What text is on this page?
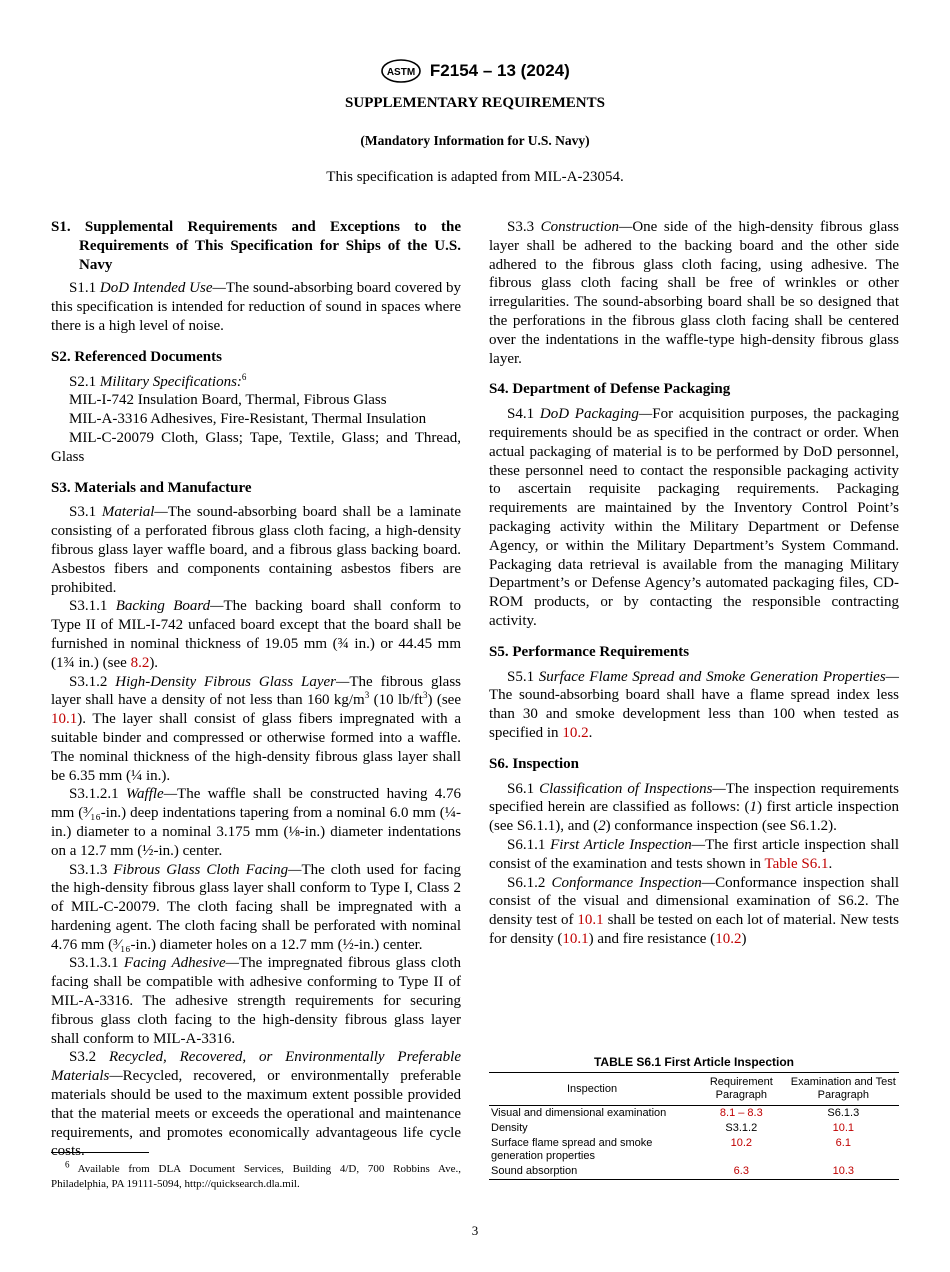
ASTM F2154 – 13 (2024)
SUPPLEMENTARY REQUIREMENTS
(Mandatory Information for U.S. Navy)
This specification is adapted from MIL-A-23054.
S1. Supplemental Requirements and Exceptions to the Requirements of This Specification for Ships of the U.S. Navy

S1.1 DoD Intended Use—The sound-absorbing board covered by this specification is intended for reduction of sound in spaces where there is a high level of noise.

S2. Referenced Documents

S2.1 Military Specifications:$^6$

MIL-I-742 Insulation Board, Thermal, Fibrous Glass

MIL-A-3316 Adhesives, Fire-Resistant, Thermal Insulation

MIL-C-20079 Cloth, Glass; Tape, Textile, Glass; and Thread, Glass

S3. Materials and Manufacture

S3.1 Material—The sound-absorbing board shall be a laminate consisting of a perforated fibrous glass cloth facing, a high-density fibrous glass layer waffle board, and a fibrous glass backing board. Asbestos fibers and components containing asbestos fibers are prohibited.

S3.1.1 Backing Board—The backing board shall conform to Type II of MIL-I-742 unfaced board except that the board shall be furnished in nominal thickness of 19.05 mm (¾ in.) or 44.45 mm (1¾ in.) (see 8.2).

S3.1.2 High-Density Fibrous Glass Layer—The fibrous glass layer shall have a density of not less than 160 $kg/m^3$ (10 $lb/ft^3$) (see 10.1). The layer shall consist of glass fibers impregnated with a suitable binder and compressed or otherwise formed into a waffle. The nominal thickness of the high-density fibrous glass layer shall be 6.35 mm (¼ in.).

S3.1.2.1 Waffle—The waffle shall be constructed having 4.76 mm (³⁄₁₆-in.) deep indentations tapering from a nominal 6.0 mm (¼-in.) diameter to a nominal 3.175 mm (⅛-in.) diameter indentations on a 12.7 mm (½-in.) center.

S3.1.3 Fibrous Glass Cloth Facing—The cloth used for facing the high-density fibrous glass layer shall conform to Type I, Class 2 of MIL-C-20079. The cloth facing shall be impregnated with a hardening agent. The cloth facing shall be perforated with nominal 4.76 mm (³⁄₁₆-in.) diameter holes on a 12.7 mm (½-in.) center.

S3.1.3.1 Facing Adhesive—The impregnated fibrous glass cloth facing shall be compatible with adhesive conforming to Type II of MIL-A-3316. The adhesive strength requirements for securing fibrous glass cloth facing to the high-density fibrous glass layer shall conform to MIL-A-3316.

S3.2 Recycled, Recovered, or Environmentally Preferable Materials—Recycled, recovered, or environmentally preferable materials should be used to the maximum extent possible provided that the material meets or exceeds the operational and maintenance requirements, and promotes economically advantageous life cycle costs.

S3.3 Construction—One side of the high-density fibrous glass layer shall be adhered to the backing board and the other side adhered to the fibrous glass cloth facing, using adhesive. The fibrous glass cloth facing shall be free of wrinkles or other irregularities. The sound-absorbing board shall be so designed that the perforations in the fibrous glass cloth facing shall be centered over the indentations in the waffle-type high-density fibrous glass layer.

S4. Department of Defense Packaging

S4.1 DoD Packaging—For acquisition purposes, the packaging requirements should be as specified in the contract or order. When actual packaging of material is to be performed by DoD personnel, these personnel need to contact the responsible packaging activity to ascertain requisite packaging requirements. Packaging requirements are maintained by the Inventory Control Point’s packaging activity within the Military Department or Defense Agency, or within the Military Department’s System Command. Packaging data retrieval is available from the managing Military Department’s or Defense Agency’s automated packaging files, CD-ROM products, or by contacting the responsible contracting activity.

S5. Performance Requirements

S5.1 Surface Flame Spread and Smoke Generation Properties—The sound-absorbing board shall have a flame spread index less than 30 and smoke development less than 100 when tested as specified in 10.2.

S6. Inspection

S6.1 Classification of Inspections—The inspection requirements specified herein are classified as follows: (1) first article inspection (see S6.1.1), and (2) conformance inspection (see S6.1.2).

S6.1.1 First Article Inspection—The first article inspection shall consist of the examination and tests shown in Table S6.1.

S6.1.2 Conformance Inspection—Conformance inspection shall consist of the visual and dimensional examination of S6.2. The density test of 10.1 shall be tested on each lot of material. New tests for density (10.1) and fire resistance (10.2)

TABLE S6.1 First Article Inspection
Inspection	Requirement Paragraph	Examination and Test Paragraph
Visual and dimensional examination	8.1 – 8.3	S6.1.3
Density	S3.1.2	10.1
Surface flame spread and smoke generation properties	10.2	6.1
Sound absorption	6.3	10.3
$^6$ Available from DLA Document Services, Building 4/D, 700 Robbins Ave., Philadelphia, PA 19111-5094, http://quicksearch.dla.mil.
3
